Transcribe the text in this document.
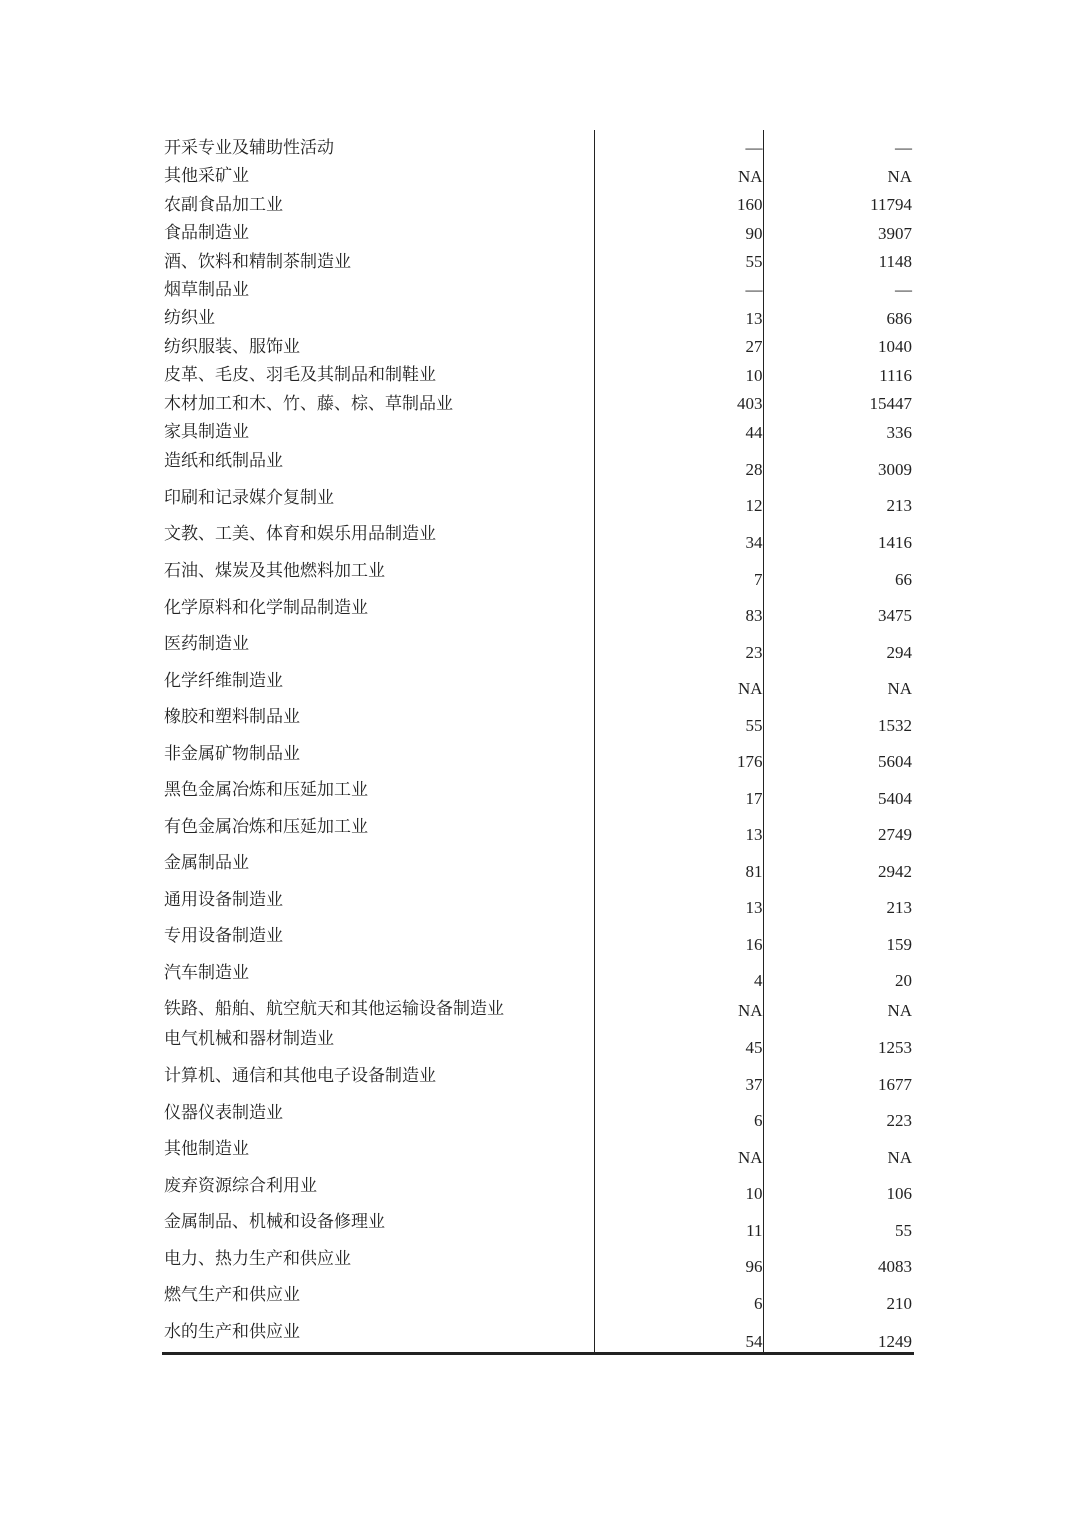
开采专业及辅助性活动	—	—
其他采矿业	NA	NA
农副食品加工业	160	11794
食品制造业	90	3907
酒、饮料和精制茶制造业	55	1148
烟草制品业	—	—
纺织业	13	686
纺织服装、服饰业	27	1040
皮革、毛皮、羽毛及其制品和制鞋业	10	1116
木材加工和木、竹、藤、棕、草制品业	403	15447
家具制造业	44	336
造纸和纸制品业	28	3009
印刷和记录媒介复制业	12	213
文教、工美、体育和娱乐用品制造业	34	1416
石油、煤炭及其他燃料加工业	7	66
化学原料和化学制品制造业	83	3475
医药制造业	23	294
化学纤维制造业	NA	NA
橡胶和塑料制品业	55	1532
非金属矿物制品业	176	5604
黑色金属冶炼和压延加工业	17	5404
有色金属冶炼和压延加工业	13	2749
金属制品业	81	2942
通用设备制造业	13	213
专用设备制造业	16	159
汽车制造业	4	20
铁路、船舶、航空航天和其他运输设备制造业	NA	NA
电气机械和器材制造业	45	1253
计算机、通信和其他电子设备制造业	37	1677
仪器仪表制造业	6	223
其他制造业	NA	NA
废弃资源综合利用业	10	106
金属制品、机械和设备修理业	11	55
电力、热力生产和供应业	96	4083
燃气生产和供应业	6	210
水的生产和供应业	54	1249
